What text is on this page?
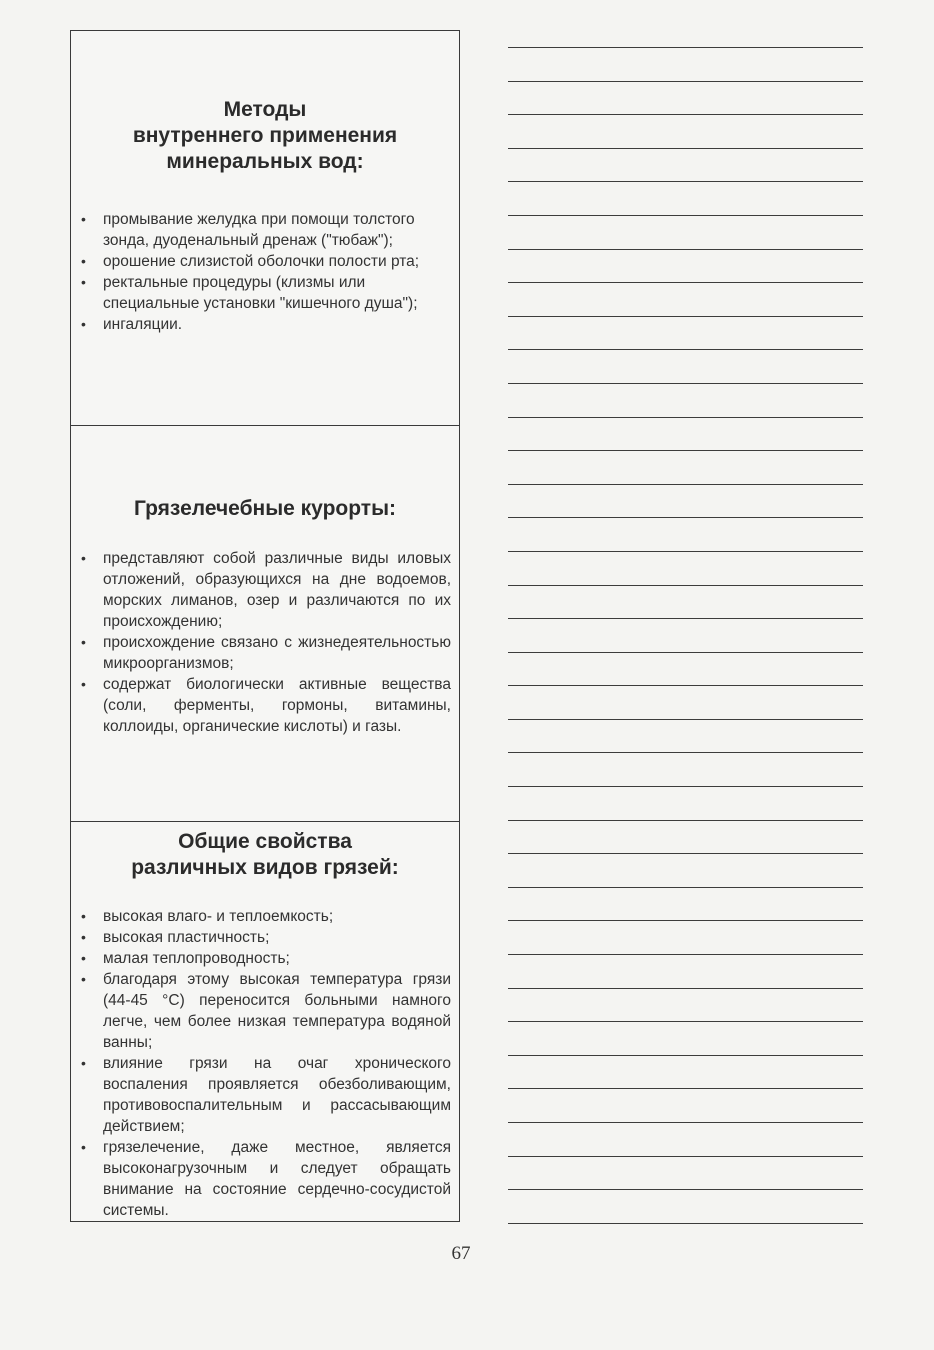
Методы
внутреннего применения
минеральных вод:
• промывание желудка при помощи толстого зонда, дуоденальный дренаж ("тюбаж");
• орошение слизистой оболочки полости рта;
• ректальные процедуры (клизмы или специальные установки "кишечного душа");
• ингаляции.
Грязелечебные курорты:
• представляют собой различные виды иловых отложений, образующихся на дне водоемов, морских лиманов, озер и различаются по их происхождению;
• происхождение связано с жизнедеятельностью микроорганизмов;
• содержат биологически активные вещества (соли, ферменты, гормоны, витамины, коллоиды, органические кислоты) и газы.
Общие свойства
различных видов грязей:
• высокая влаго- и теплоемкость;
• высокая пластичность;
• малая теплопроводность;
• благодаря этому высокая температура грязи (44-45 °С) переносится больными намного легче, чем более низкая температура водяной ванны;
• влияние грязи на очаг хронического воспаления проявляется обезболивающим, противовоспалительным и рассасывающим действием;
• грязелечение, даже местное, является высоконагрузочным и следует обращать внимание на состояние сердечно-сосудистой системы.
67
